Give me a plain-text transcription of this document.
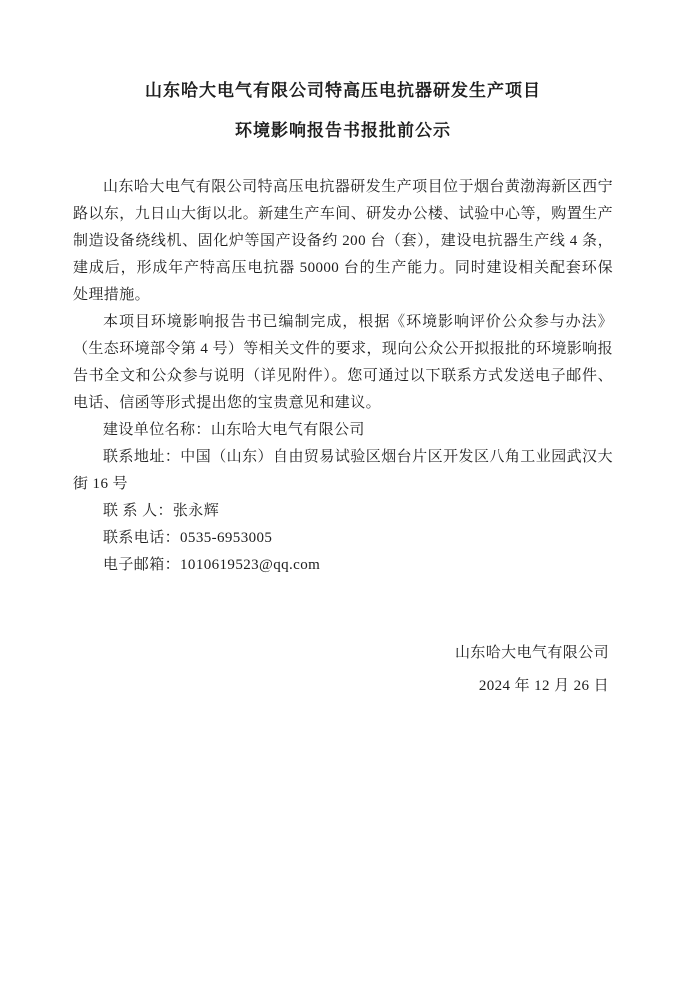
山东哈大电气有限公司特高压电抗器研发生产项目
环境影响报告书报批前公示

山东哈大电气有限公司特高压电抗器研发生产项目位于烟台黄渤海新区西宁路以东，九日山大街以北。新建生产车间、研发办公楼、试验中心等，购置生产制造设备绕线机、固化炉等国产设备约 200 台（套），建设电抗器生产线 4 条，建成后，形成年产特高压电抗器 50000 台的生产能力。同时建设相关配套环保处理措施。

本项目环境影响报告书已编制完成，根据《环境影响评价公众参与办法》（生态环境部令第 4 号）等相关文件的要求，现向公众公开拟报批的环境影响报告书全文和公众参与说明（详见附件）。您可通过以下联系方式发送电子邮件、电话、信函等形式提出您的宝贵意见和建议。

建设单位名称：山东哈大电气有限公司

联系地址：中国（山东）自由贸易试验区烟台片区开发区八角工业园武汉大街 16 号

联 系 人：张永辉

联系电话：0535-6953005

电子邮箱：1010619523@qq.com

山东哈大电气有限公司

2024 年 12 月 26 日
